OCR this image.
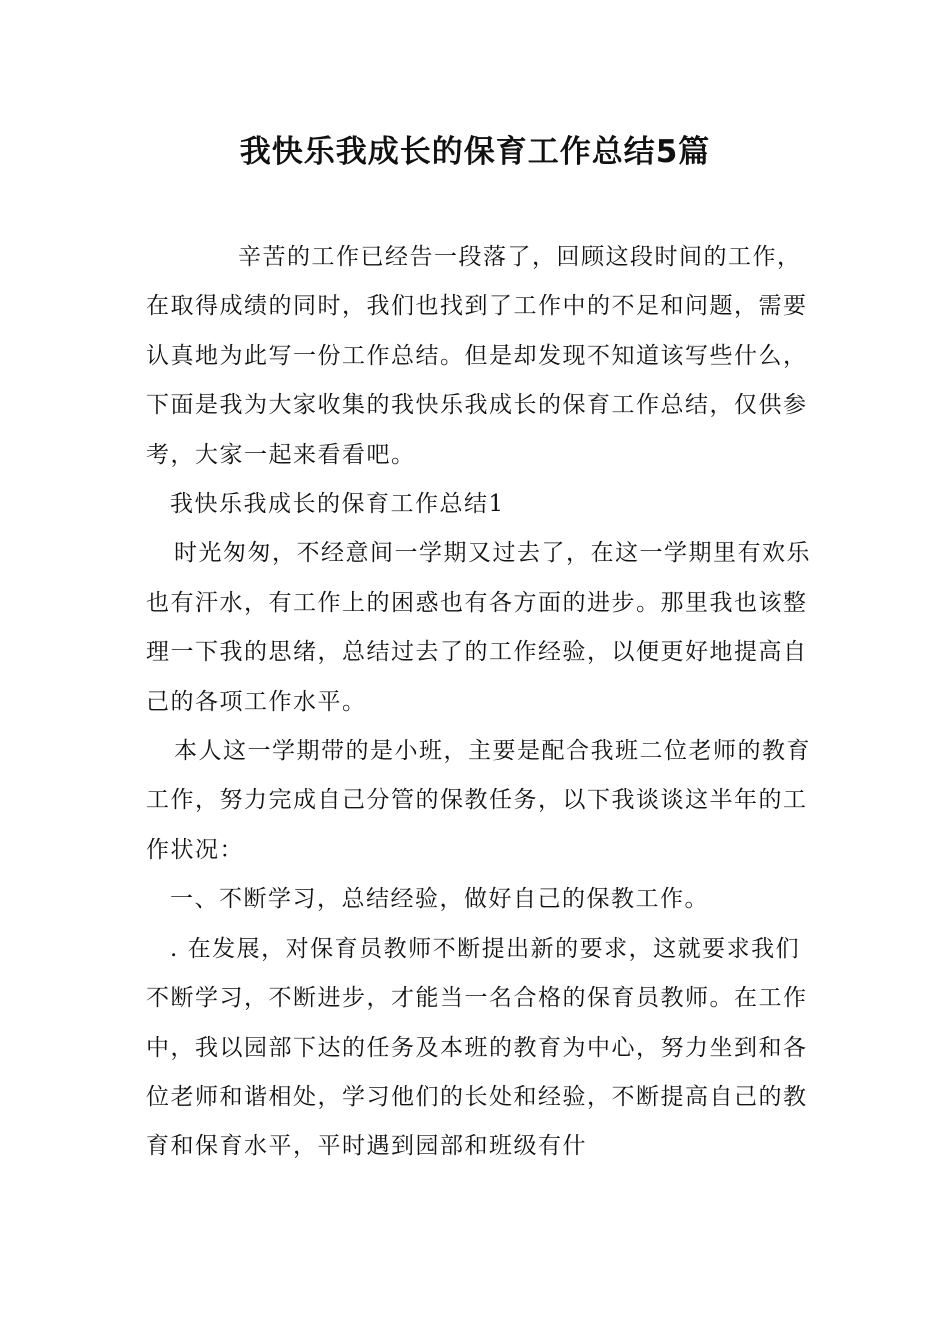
我快乐我成长的保育工作总结5篇

辛苦的工作已经告一段落了，回顾这段时间的工作，在取得成绩的同时，我们也找到了工作中的不足和问题，需要认真地为此写一份工作总结。但是却发现不知道该写些什么，下面是我为大家收集的我快乐我成长的保育工作总结，仅供参考，大家一起来看看吧。

我快乐我成长的保育工作总结1

时光匆匆，不经意间一学期又过去了，在这一学期里有欢乐也有汗水，有工作上的困惑也有各方面的进步。那里我也该整理一下我的思绪，总结过去了的工作经验，以便更好地提高自己的各项工作水平。

本人这一学期带的是小班，主要是配合我班二位老师的教育工作，努力完成自己分管的保教任务，以下我谈谈这半年的工作状况：

一、不断学习，总结经验，做好自己的保教工作。

. 在发展，对保育员教师不断提出新的要求，这就要求我们不断学习，不断进步，才能当一名合格的保育员教师。在工作中，我以园部下达的任务及本班的教育为中心，努力坐到和各位老师和谐相处，学习他们的长处和经验，不断提高自己的教育和保育水平，平时遇到园部和班级有什
